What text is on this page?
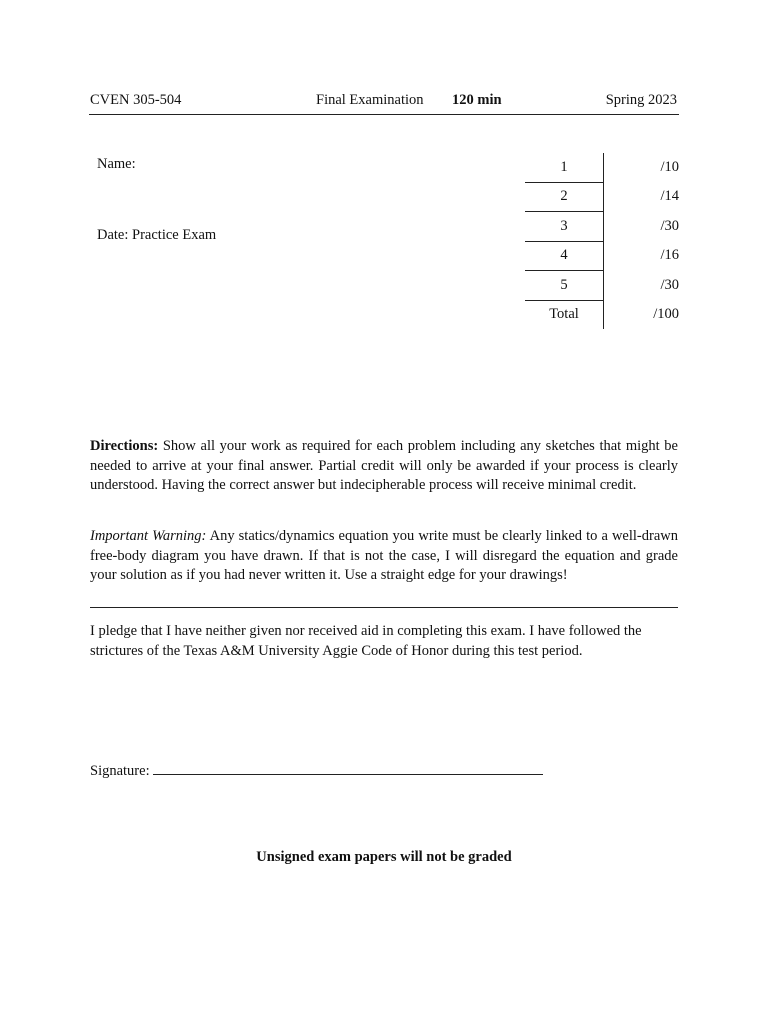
CVEN 305-504	Final Examination 120 min	Spring 2023
Name:
Date: Practice Exam
1	/10
2	/14
3	/30
4	/16
5	/30
Total	/100
Directions: Show all your work as required for each problem including any sketches that might be needed to arrive at your final answer. Partial credit will only be awarded if your process is clearly understood. Having the correct answer but indecipherable process will receive minimal credit.
Important Warning: Any statics/dynamics equation you write must be clearly linked to a well-drawn free-body diagram you have drawn. If that is not the case, I will disregard the equation and grade your solution as if you had never written it. Use a straight edge for your drawings!
I pledge that I have neither given nor received aid in completing this exam. I have followed the strictures of the Texas A&M University Aggie Code of Honor during this test period.
Signature:
Unsigned exam papers will not be graded
